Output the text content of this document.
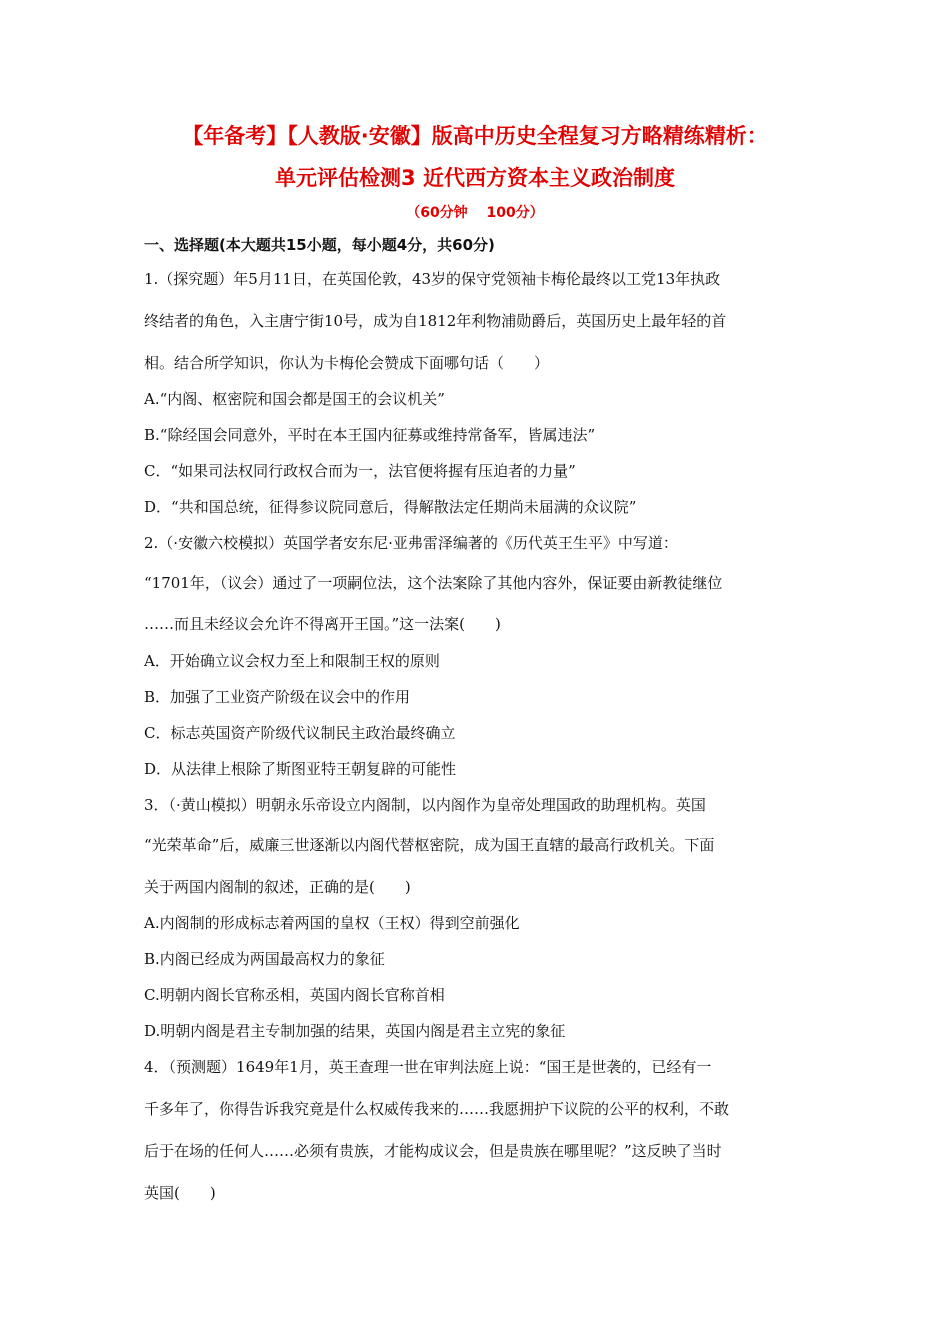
【年备考】【人教版·安徽】版高中历史全程复习方略精练精析：
单元评估检测3 近代西方资本主义政治制度
（60分钟　 100分）
一、选择题(本大题共15小题，每小题4分，共60分)
1.（探究题）年5月11日，在英国伦敦，43岁的保守党领袖卡梅伦最终以工党13年执政
终结者的角色，入主唐宁街10号，成为自1812年利物浦勋爵后，英国历史上最年轻的首
相。结合所学知识，你认为卡梅伦会赞成下面哪句话（　　）
A.“内阁、枢密院和国会都是国王的会议机关”
B.“除经国会同意外，平时在本王国内征募或维持常备军，皆属违法”
C．“如果司法权同行政权合而为一，法官便将握有压迫者的力量”
D．“共和国总统，征得参议院同意后，得解散法定任期尚未届满的众议院”
2.（·安徽六校模拟）英国学者安东尼·亚弗雷泽编著的《历代英王生平》中写道：
“1701年，（议会）通过了一项嗣位法，这个法案除了其他内容外，保证要由新教徒继位
……而且未经议会允许不得离开王国。”这一法案(　　)
A．开始确立议会权力至上和限制王权的原则
B．加强了工业资产阶级在议会中的作用
C．标志英国资产阶级代议制民主政治最终确立
D．从法律上根除了斯图亚特王朝复辟的可能性
3．（·黄山模拟）明朝永乐帝设立内阁制，以内阁作为皇帝处理国政的助理机构。英国
“光荣革命”后，威廉三世逐渐以内阁代替枢密院，成为国王直辖的最高行政机关。下面
关于两国内阁制的叙述，正确的是(　　)
A.内阁制的形成标志着两国的皇权（王权）得到空前强化
B.内阁已经成为两国最高权力的象征
C.明朝内阁长官称丞相，英国内阁长官称首相
D.明朝内阁是君主专制加强的结果，英国内阁是君主立宪的象征
4．（预测题）1649年1月，英王查理一世在审判法庭上说：“国王是世袭的，已经有一
千多年了，你得告诉我究竟是什么权威传我来的……我愿拥护下议院的公平的权利，不敢
后于在场的任何人……必须有贵族，才能构成议会，但是贵族在哪里呢？”这反映了当时
英国(　　)
